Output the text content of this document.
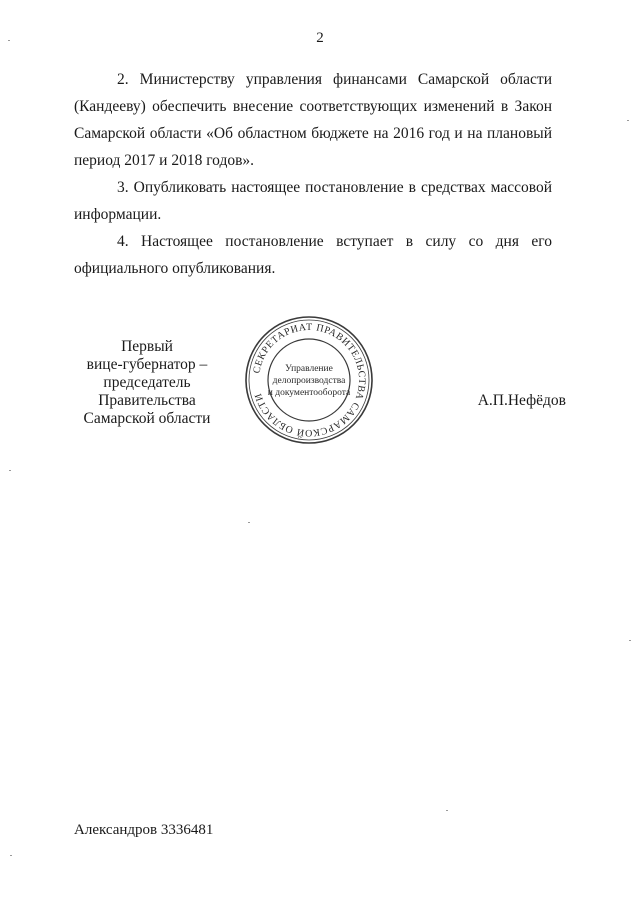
2

2. Министерству управления финансами Самарской области (Кандееву) обеспечить внесение соответствующих изменений в Закон Самарской области «Об областном бюджете на 2016 год и на плановый период 2017 и 2018 годов».

3. Опубликовать настоящее постановление в средствах массовой информации.

4. Настоящее постановление вступает в силу со дня его официального опубликования.

Первый
вице-губернатор –
председатель Правительства
Самарской области
СЕКРЕТАРИАТ ПРАВИТЕЛЬСТВА САМАРСКОЙ ОБЛАСТИ
Управление
делопроизводства
и документооборота	А.П.Нефёдов
Александров 3336481
